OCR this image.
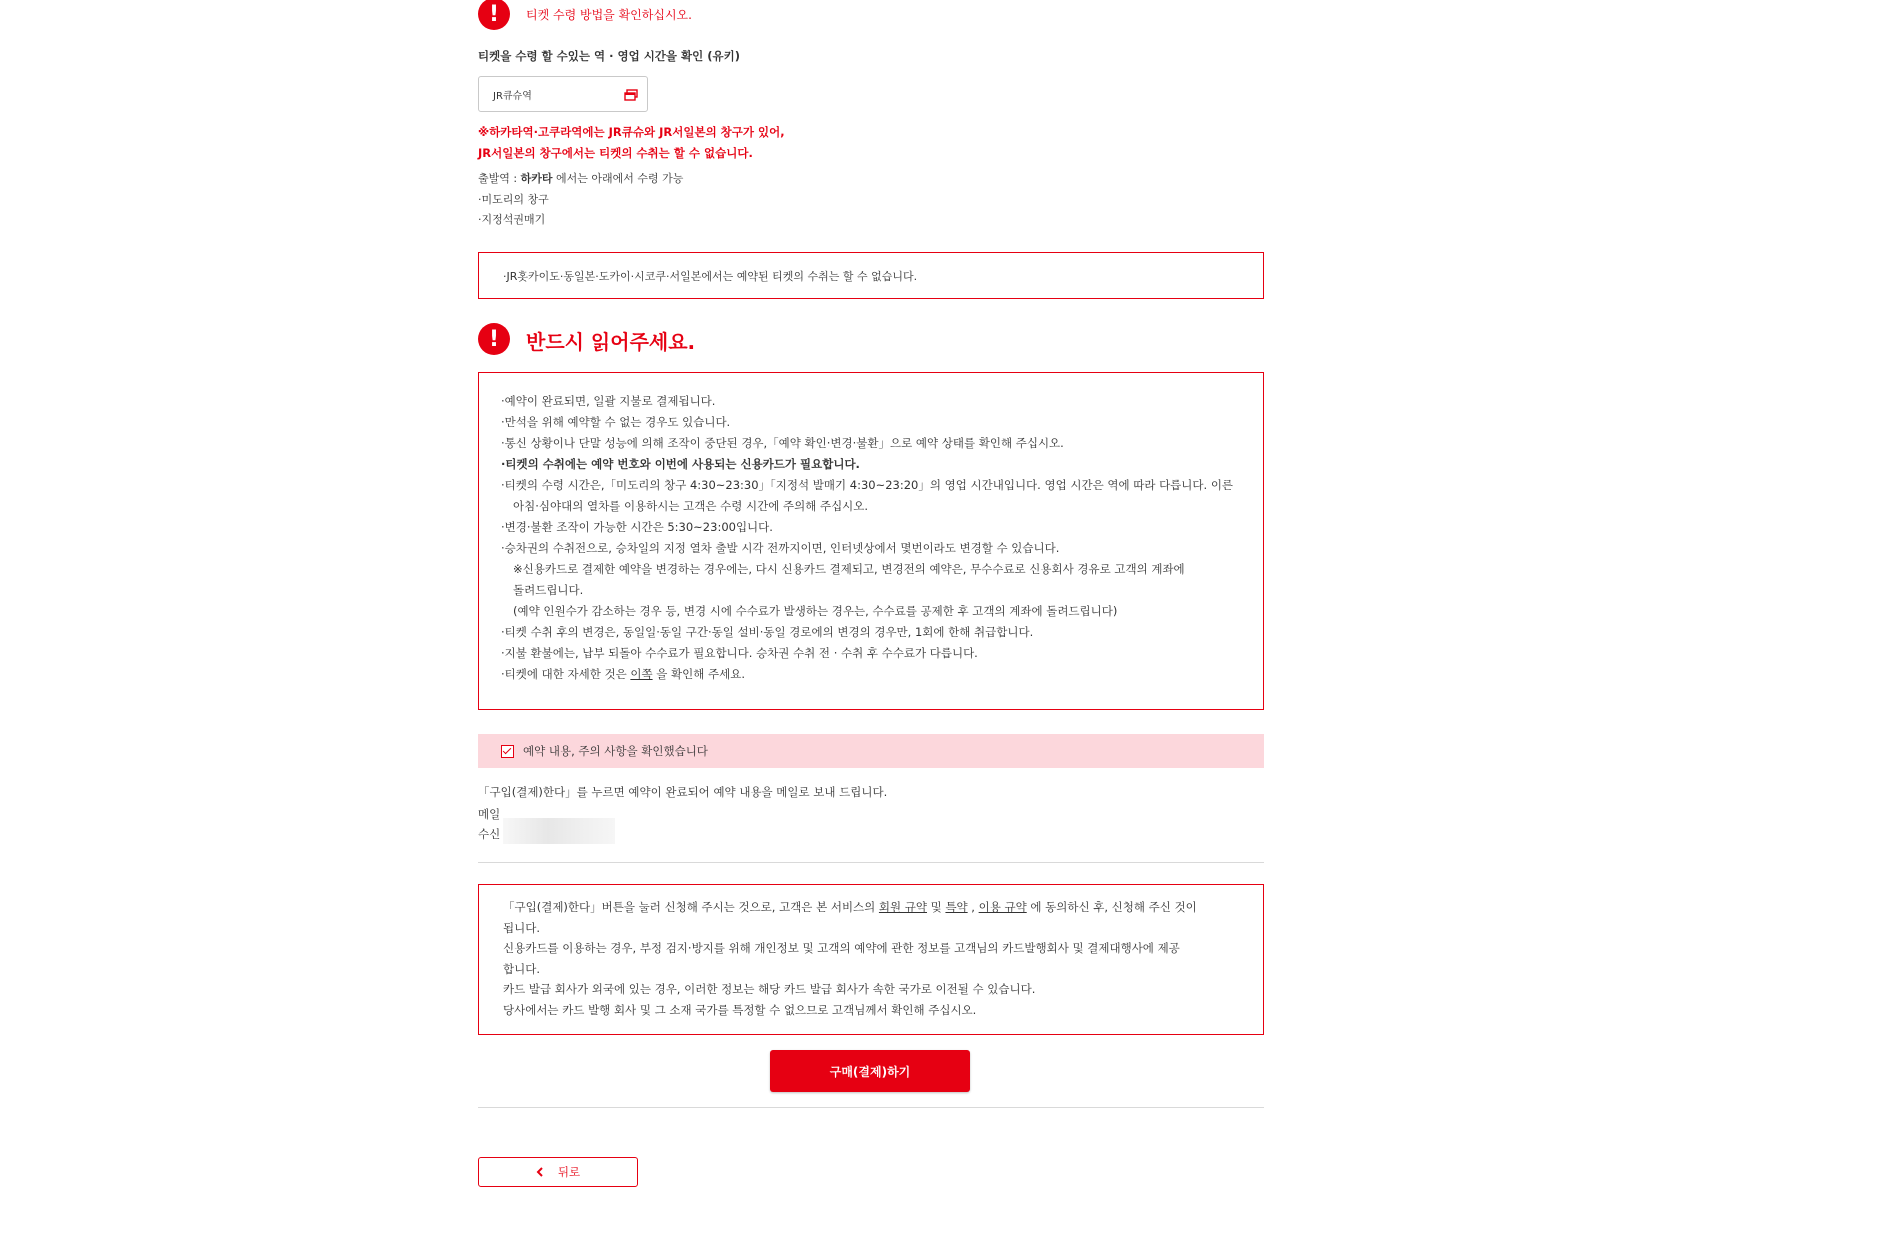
!	티켓 수령 방법을 확인하십시오.
티켓을 수령 할 수있는 역 · 영업 시간을 확인 (유키)
JR큐슈역
※하카타역·고쿠라역에는 JR큐슈와 JR서일본의 창구가 있어,
JR서일본의 창구에서는 티켓의 수취는 할 수 없습니다.
출발역 : 하카타 에서는 아래에서 수령 가능
·미도리의 창구
·지정석권매기
·JR홋카이도·동일본·도카이·시코쿠·서일본에서는 예약된 티켓의 수취는 할 수 없습니다.
!	반드시 읽어주세요.
·예약이 완료되면, 일괄 지불로 결제됩니다.
·만석을 위해 예약할 수 없는 경우도 있습니다.
·통신 상황이나 단말 성능에 의해 조작이 중단된 경우,「예약 확인·변경·불환」으로 예약 상태를 확인해 주십시오.
·티켓의 수취에는 예약 번호와 이번에 사용되는 신용카드가 필요합니다.
·티켓의 수령 시간은,「미도리의 창구 4:30~23:30」「지정석 발매기 4:30~23:20」의 영업 시간내입니다. 영업 시간은 역에 따라 다릅니다. 이른
아침·심야대의 열차를 이용하시는 고객은 수령 시간에 주의해 주십시오.
·변경·불환 조작이 가능한 시간은 5:30~23:00입니다.
·승차권의 수취전으로, 승차일의 지정 열차 출발 시각 전까지이면, 인터넷상에서 몇번이라도 변경할 수 있습니다.
※신용카드로 결제한 예약을 변경하는 경우에는, 다시 신용카드 결제되고, 변경전의 예약은, 무수수료로 신용회사 경유로 고객의 계좌에
돌려드립니다.
(예약 인원수가 감소하는 경우 등, 변경 시에 수수료가 발생하는 경우는, 수수료를 공제한 후 고객의 계좌에 돌려드립니다)
·티켓 수취 후의 변경은, 동일일·동일 구간·동일 설비·동일 경로에의 변경의 경우만, 1회에 한해 취급합니다.
·지불 환불에는, 납부 되돌아 수수료가 필요합니다. 승차권 수취 전 · 수취 후 수수료가 다릅니다.
·티켓에 대한 자세한 것은 이쪽 을 확인해 주세요.
예약 내용, 주의 사항을 확인했습니다
「구입(결제)한다」를 누르면 예약이 완료되어 예약 내용을 메일로 보내 드립니다.
메일
수신
「구입(결제)한다」버튼을 눌러 신청해 주시는 것으로, 고객은 본 서비스의 회원 규약 및 특약 , 이용 규약 에 동의하신 후, 신청해 주신 것이
됩니다.
신용카드를 이용하는 경우, 부정 검지·방지를 위해 개인정보 및 고객의 예약에 관한 정보를 고객님의 카드발행회사 및 결제대행사에 제공
합니다.
카드 발급 회사가 외국에 있는 경우, 이러한 정보는 해당 카드 발급 회사가 속한 국가로 이전될 수 있습니다.
당사에서는 카드 발행 회사 및 그 소재 국가를 특정할 수 없으므로 고객님께서 확인해 주십시오.
구매(결제)하기
뒤로
